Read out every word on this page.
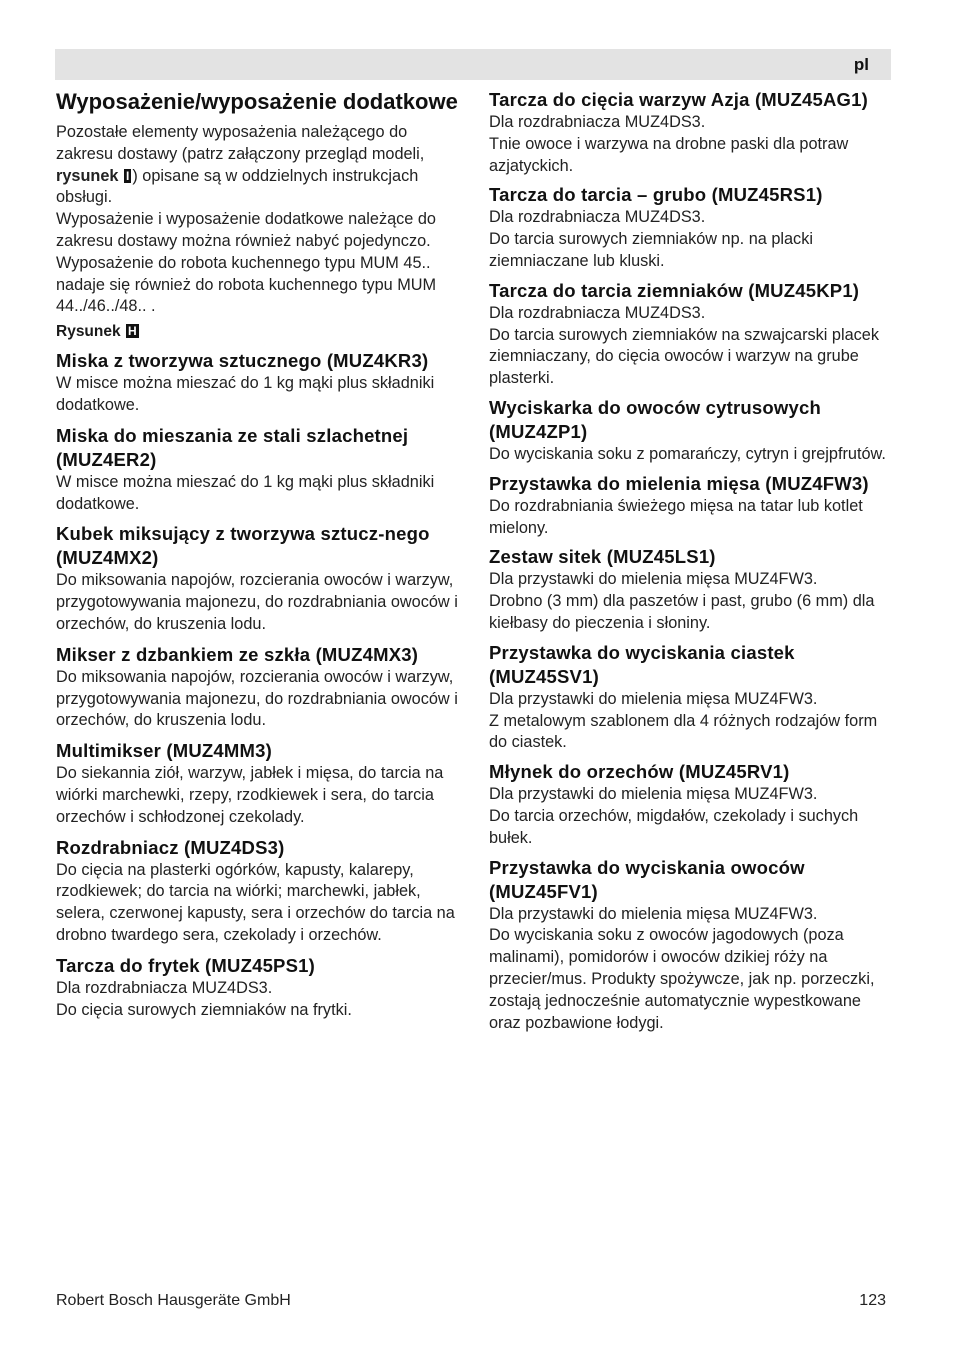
pl
Wyposażenie/wyposażenie dodatkowe

Pozostałe elementy wyposażenia należącego do zakresu dostawy (patrz załączony przegląd modeli, rysunek I ) opisane są w oddzielnych instrukcjach obsługi.

Wyposażenie i wyposażenie dodatkowe należące do zakresu dostawy można również nabyć pojedynczo. Wyposażenie do robota kuchennego typu MUM 45.. nadaje się również do robota kuchennego typu MUM 44../46../48.. .

Rysunek H
Miska z tworzywa sztucznego (MUZ4KR3)

W misce można mieszać do 1 kg mąki plus składniki dodatkowe.

Miska do mieszania ze stali szlachetnej (MUZ4ER2)

W misce można mieszać do 1 kg mąki plus składniki dodatkowe.

Kubek miksujący z tworzywa sztucz-nego (MUZ4MX2)

Do miksowania napojów, rozcierania owoców i warzyw, przygotowywania majonezu, do rozdrabniania owoców i orzechów, do kruszenia lodu.

Mikser z dzbankiem ze szkła (MUZ4MX3)

Do miksowania napojów, rozcierania owoców i warzyw, przygotowywania majonezu, do rozdrabniania owoców i orzechów, do kruszenia lodu.

Multimikser (MUZ4MM3)

Do siekannia ziół, warzyw, jabłek i mięsa, do tarcia na wiórki marchewki, rzepy, rzodkiewek i sera, do tarcia orzechów i schłodzonej czekolady.

Rozdrabniacz (MUZ4DS3)

Do cięcia na plasterki ogórków, kapusty, kalarepy, rzodkiewek; do tarcia na wiórki; marchewki, jabłek, selera, czerwonej kapusty, sera i orzechów do tarcia na drobno twardego sera, czekolady i orzechów.

Tarcza do frytek (MUZ45PS1)

Dla rozdrabniacza MUZ4DS3.

Do cięcia surowych ziemniaków na frytki.

Tarcza do cięcia warzyw Azja (MUZ45AG1)

Dla rozdrabniacza MUZ4DS3.

Tnie owoce i warzywa na drobne paski dla potraw azjatyckich.

Tarcza do tarcia – grubo (MUZ45RS1)

Dla rozdrabniacza MUZ4DS3.

Do tarcia surowych ziemniaków np. na placki ziemniaczane lub kluski.

Tarcza do tarcia ziemniaków (MUZ45KP1)

Dla rozdrabniacza MUZ4DS3.

Do tarcia surowych ziemniaków na szwajcarski placek ziemniaczany, do cięcia owoców i warzyw na grube plasterki.

Wyciskarka do owoców cytrusowych (MUZ4ZP1)

Do wyciskania soku z pomarańczy, cytryn i grejpfrutów.

Przystawka do mielenia mięsa (MUZ4FW3)

Do rozdrabniania świeżego mięsa na tatar lub kotlet mielony.

Zestaw sitek (MUZ45LS1)

Dla przystawki do mielenia mięsa MUZ4FW3.

Drobno (3 mm) dla paszetów i past, grubo (6 mm) dla kiełbasy do pieczenia i słoniny.

Przystawka do wyciskania ciastek (MUZ45SV1)

Dla przystawki do mielenia mięsa MUZ4FW3.

Z metalowym szablonem dla 4 różnych rodzajów form do ciastek.

Młynek do orzechów (MUZ45RV1)

Dla przystawki do mielenia mięsa MUZ4FW3.

Do tarcia orzechów, migdałów, czekolady i suchych bułek.

Przystawka do wyciskania owoców (MUZ45FV1)

Dla przystawki do mielenia mięsa MUZ4FW3.

Do wyciskania soku z owoców jagodowych (poza malinami), pomidorów i owoców dzikiej róży na przecier/mus. Produkty spożywcze, jak np. porzeczki, zostają jednocześnie automatycznie wypestkowane oraz pozbawione łodygi.

Robert Bosch Hausgeräte GmbH	123
